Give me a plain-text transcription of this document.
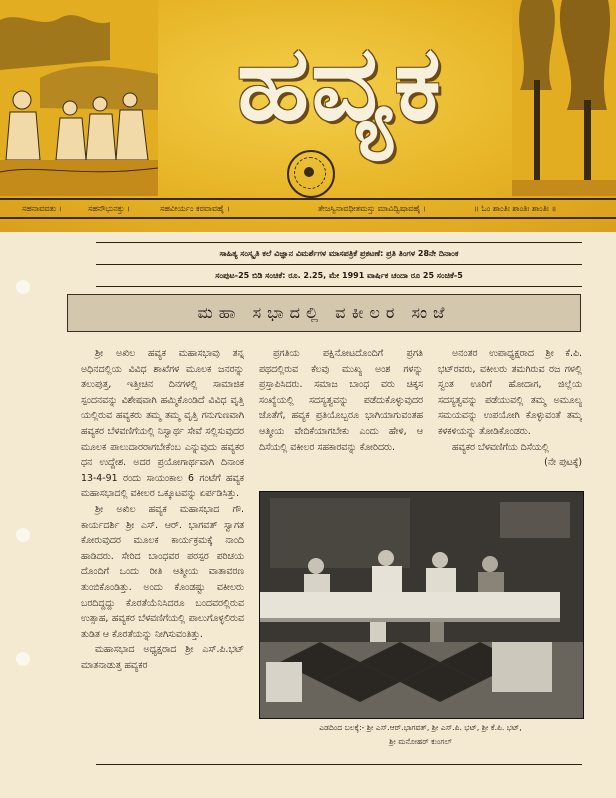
ಹವ್ಯಕ
ಸಹನಾವವತು ।	ಸಹನೌಭುನಕ್ತು ।	ಸಹವೀರ್ಯಂ ಕರವಾವಹೈ ।	ತೇಜಸ್ವಿನಾವಧೀತಮಸ್ತು ಮಾವಿದ್ವಿಷಾವಹೈ ।	॥ ಓಂ ಶಾಂತಿಃ ಶಾಂತಿಃ ಶಾಂತಿಃ ॥
ಸಾಹಿತ್ಯ ಸಂಸ್ಕೃತಿ ಕಲೆ ವಿಜ್ಞಾನ ವಿಮರ್ಶೆಗಳ ಮಾಸಪತ್ರಿಕೆ ಪ್ರಕಟಣೆ: ಪ್ರತಿ ತಿಂಗಳ 28ನೇ ದಿನಾಂಕ
ಸಂಪುಟ-25 ಬಿಡಿ ಸಂಚಿಕೆ: ರೂ. 2.25, ಮೇ 1991 ವಾರ್ಷಿಕ ಚಂದಾ ರೂ 25 ಸಂಚಿಕೆ-5
ಮಹಾ ಸಭಾದಲ್ಲಿ ವಕೀಲರ ಸಂಜೆ

ಶ್ರೀ ಅಖಿಲ ಹವ್ಯಕ ಮಹಾಸಭಾವು ತನ್ನ ಅಧಿನದಲ್ಲಿಯ ವಿವಿಧ ಶಾಖೆಗಳ ಮೂಲಕ ಜನರನ್ನು ತಲುಪುತ್ತ, ಇತ್ತೀಚಿನ ದಿನಗಳಲ್ಲಿ ಸಾಮಾಜಿಕ ಸ್ಪಂದನವನ್ನು ವಿಶೇಷವಾಗಿ ಹಮ್ಮಿಕೊಂಡಿದೆ ವಿವಿಧ ವೃತ್ತಿ ಯಲ್ಲಿರುವ ಹವ್ಯಕರು ತಮ್ಮ ತಮ್ಮ ವೃತ್ತಿ ಗನುಗುಣವಾಗಿ ಹವ್ಯಕರ ಬೆಳವಣಿಗೆಯಲ್ಲಿ ನಿಸ್ವಾರ್ಥ ಸೇವೆ ಸಲ್ಲಿಸುವುದರ ಮೂಲಕ ಪಾಲುದಾರರಾಗಬೇಕೆಂಬ ಎನ್ನುವುದು ಹವ್ಯಕರ ಧನ ಉದ್ದೇಶ. ಅದರ ಪ್ರಯೋಗಾರ್ಥವಾಗಿ ದಿನಾಂಕ 13-4-91 ರಂದು ಸಾಯಂಕಾಲ 6 ಗಂಟೆಗೆ ಹವ್ಯಕ ಮಹಾಸಭಾದಲ್ಲಿ ವಕೀಲರ ಒಕ್ಕೂಟವನ್ನು ಏರ್ಪಡಿಸಿತ್ತು.

ಶ್ರೀ ಅಖಿಲ ಹವ್ಯಕ ಮಹಾಸಭಾದ ಗೌ. ಕಾರ್ಯದರ್ಶಿ ಶ್ರೀ ಎಸ್. ಆರ್. ಭಾಗವತ್ ಸ್ವಾಗತ ಕೋರುವುದರ ಮೂಲಕ ಕಾರ್ಯಕ್ರಮಕ್ಕೆ ನಾಂದಿ ಹಾಡಿದರು. ಸೇರಿದ ಬಾಂಧವರ ಪರಸ್ಪರ ಪರಿಚಯ ದೊಂದಿಗೆ ಒಂದು ರೀತಿ ಆತ್ಮೀಯ ವಾತಾವರಣ ತುಂಬಿಕೊಂಡಿತ್ತು. ಅಂದು ಕೊಂಡಷ್ಟು ವಕೀಲರು ಬರದಿದ್ದದ್ದು ಕೊರತೆಯೆನಿಸಿದರೂ ಬಂದವರಲ್ಲಿರುವ ಉತ್ಸಾಹ, ಹವ್ಯಕರ ಬೆಳವಣಿಗೆಯಲ್ಲಿ ಪಾಲುಗೊಳ್ಳಲಿರುವ ತುಡಿತ ಆ ಕೊರತೆಯನ್ನು ನೀಗಿಸುವಂತಿತ್ತು.

ಮಹಾಸಭಾದ ಅಧ್ಯಕ್ಷರಾದ ಶ್ರೀ ಎಸ್.ಪಿ.ಭಟ್ ಮಾತನಾಡುತ್ತ ಹವ್ಯಕರ

ಪ್ರಗತಿಯ ಪಕ್ಷಿನೋಟದೊಂದಿಗೆ ಪ್ರಗತಿ ಪಥದಲ್ಲಿರುವ ಕೆಲವು ಮುಖ್ಯ ಅಂಶ ಗಳನ್ನು ಪ್ರಸ್ತಾಪಿಸಿದರು. ಸಮಾಜ ಬಾಂಧ ವರು ಚಿಕ್ಕಸ ಸಂಖ್ಯೆಯಲ್ಲಿ ಸದಸ್ಯತ್ವವನ್ನು ಪಡೆದುಕೊಳ್ಳುವುದರ ಜೊತೆಗೆ, ಹವ್ಯಕ ಪ್ರತಿಯೊಬ್ಬರೂ ಭಾಗಿಯಾಗುವಂತಹ ಆತ್ಮೀಯ ವೇದಿಕೆಯಾಗಬೇಕು ಎಂದು ಹೇಳಿ, ಆ ದಿಸೆಯಲ್ಲಿ ವಕೀಲರ ಸಹಕಾರವನ್ನು ಕೋರಿದರು.

ಅನಂತರ ಉಪಾಧ್ಯಕ್ಷರಾದ ಶ್ರೀ ಕೆ.ಪಿ. ಭಟ್‌ರವರು, ವಕೀಲರು ತಮಗಿರುವ ರಜ ಗಳಲ್ಲಿ ಸ್ವಂತ ಊರಿಗೆ ಹೋದಾಗ, ಜಿಲ್ಲೆಯ ಸದಸ್ಯತ್ವವನ್ನು ಪಡೆಯುವಲ್ಲಿ ತಮ್ಮ ಅಮೂಲ್ಯ ಸಮಯವನ್ನು ಉಪಯೋಗಿ ಕೊಳ್ಳುವಂತೆ ತಮ್ಮ ಕಳಕಳಿಯನ್ನು ತೋಡಿಕೊಂಡರು.

ಹವ್ಯಕರ ಬೆಳವಣಿಗೆಯ ದಿಸೆಯಲ್ಲಿ

(ನೇ ಪುಟಕ್ಕೆ)

ಎಡದಿಂದ ಬಲಕ್ಕೆ:- ಶ್ರೀ ಎಸ್.ಆರ್.ಭಾಗವತ್, ಶ್ರೀ ಎಸ್.ಪಿ. ಭಟ್, ಶ್ರೀ ಕೆ.ಪಿ. ಭಟ್,
ಶ್ರೀ ಮನೋಹರ್ ಕುಂಗಲ್
